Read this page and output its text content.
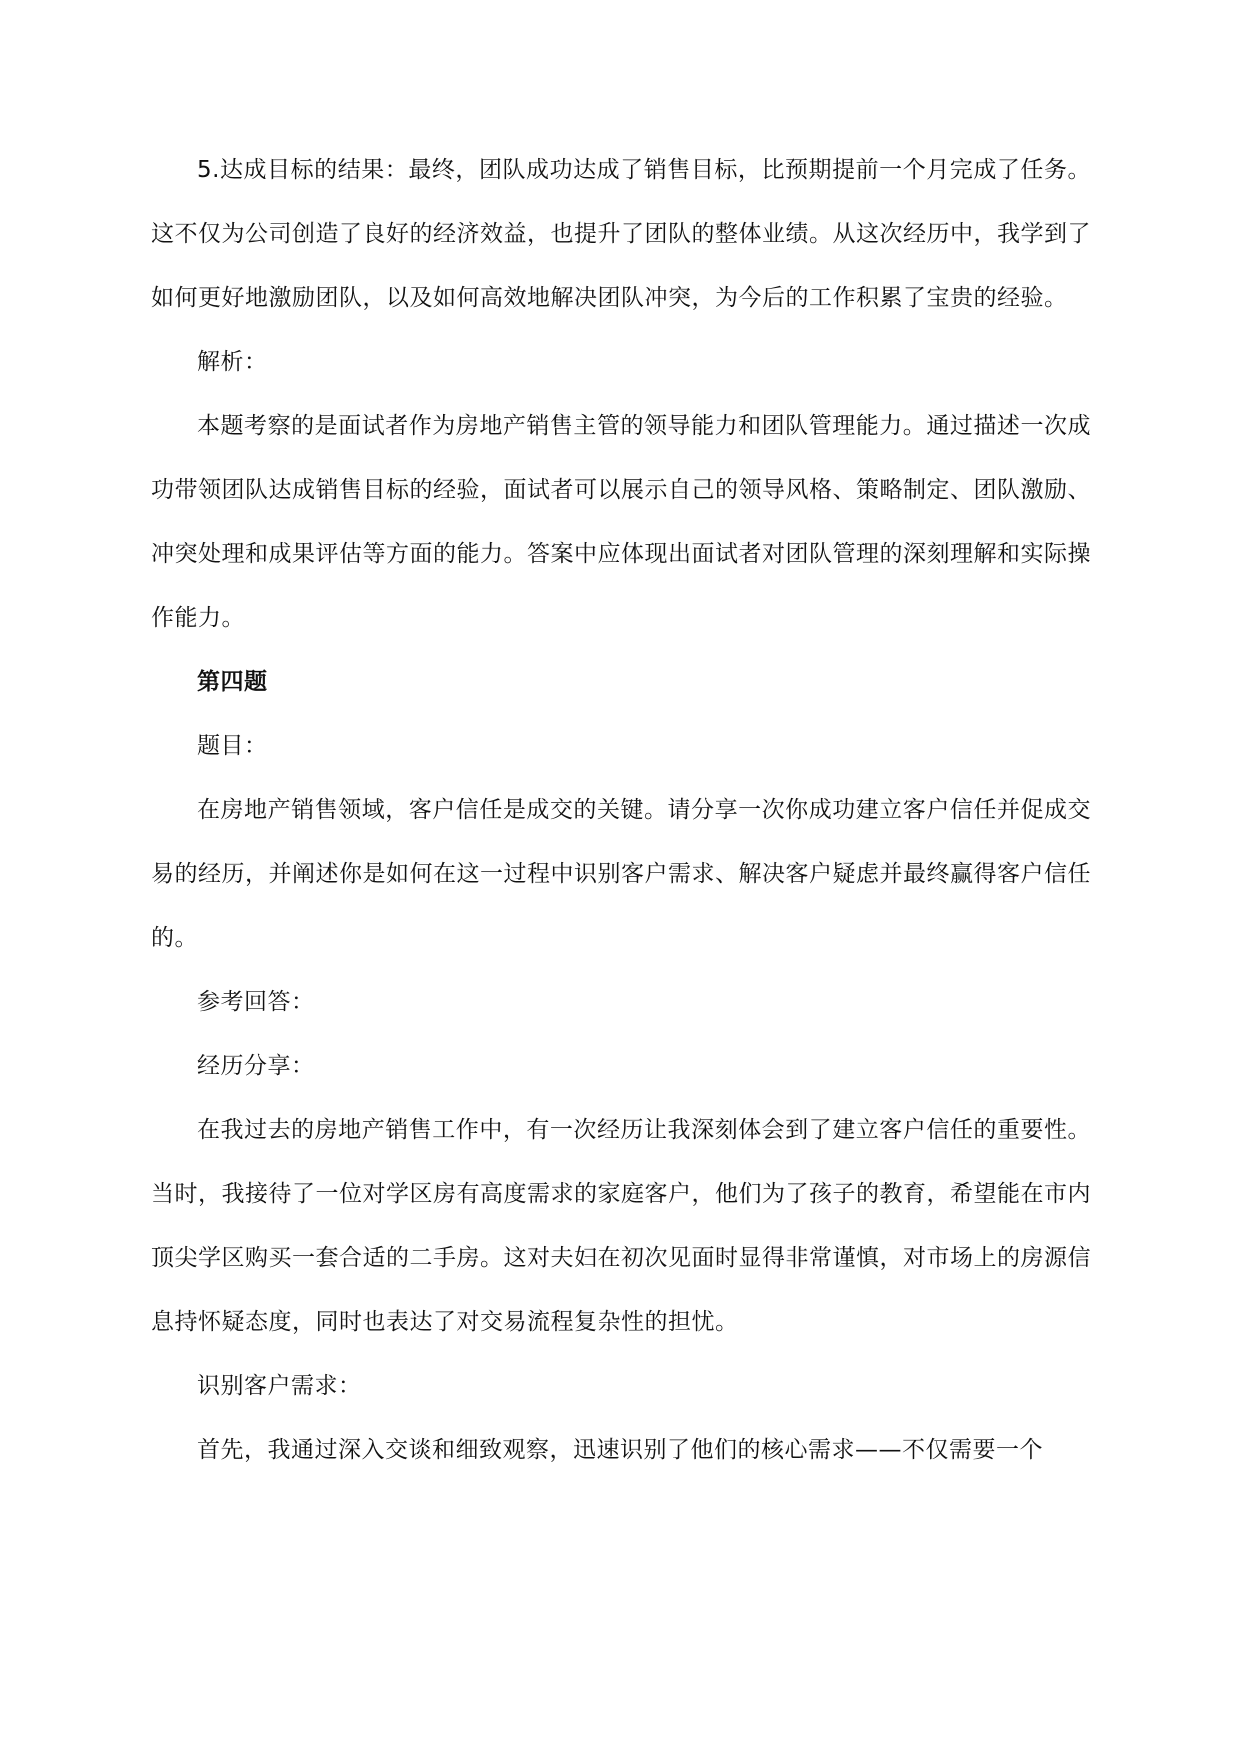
5.达成目标的结果：最终，团队成功达成了销售目标，比预期提前一个月完成了任务。这不仅为公司创造了良好的经济效益，也提升了团队的整体业绩。从这次经历中，我学到了如何更好地激励团队，以及如何高效地解决团队冲突，为今后的工作积累了宝贵的经验。

解析：

本题考察的是面试者作为房地产销售主管的领导能力和团队管理能力。通过描述一次成功带领团队达成销售目标的经验，面试者可以展示自己的领导风格、策略制定、团队激励、冲突处理和成果评估等方面的能力。答案中应体现出面试者对团队管理的深刻理解和实际操作能力。

第四题

题目：

在房地产销售领域，客户信任是成交的关键。请分享一次你成功建立客户信任并促成交易的经历，并阐述你是如何在这一过程中识别客户需求、解决客户疑虑并最终赢得客户信任的。

参考回答：

经历分享：

在我过去的房地产销售工作中，有一次经历让我深刻体会到了建立客户信任的重要性。当时，我接待了一位对学区房有高度需求的家庭客户，他们为了孩子的教育，希望能在市内顶尖学区购买一套合适的二手房。这对夫妇在初次见面时显得非常谨慎，对市场上的房源信息持怀疑态度，同时也表达了对交易流程复杂性的担忧。

识别客户需求：

首先，我通过深入交谈和细致观察，迅速识别了他们的核心需求——不仅需要一个
